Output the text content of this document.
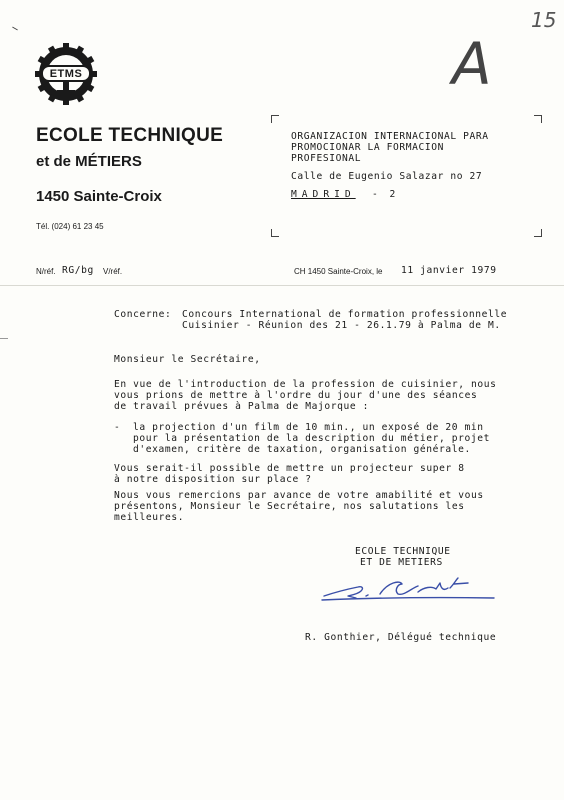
15
A
ETMS
ECOLE TECHNIQUE
et de MÉTIERS
1450 Sainte-Croix
Tél. (024) 61 23 45
ORGANIZACION INTERNACIONAL PARA
PROMOCIONAR LA FORMACION
PROFESIONAL
Calle de Eugenio Salazar no 27
MADRID - 2
N/réf. RG/bg V/réf.	CH 1450 Sainte-Croix, le 11 janvier 1979
Concerne: Concours International de formation professionnelle
Cuisinier - Réunion des 21 - 26.1.79 à Palma de M.
Monsieur le Secrétaire,
En vue de l'introduction de la profession de cuisinier, nous
vous prions de mettre à l'ordre du jour d'une des séances
de travail prévues à Palma de Majorque :
- la projection d'un film de 10 min., un exposé de 20 min
pour la présentation de la description du métier, projet
d'examen, critère de taxation, organisation générale.
Vous serait-il possible de mettre un projecteur super 8
à notre disposition sur place ?
Nous vous remercions par avance de votre amabilité et vous
présentons, Monsieur le Secrétaire, nos salutations les
meilleures.
ECOLE TECHNIQUE
ET DE METIERS
R. Gonthier, Délégué technique
